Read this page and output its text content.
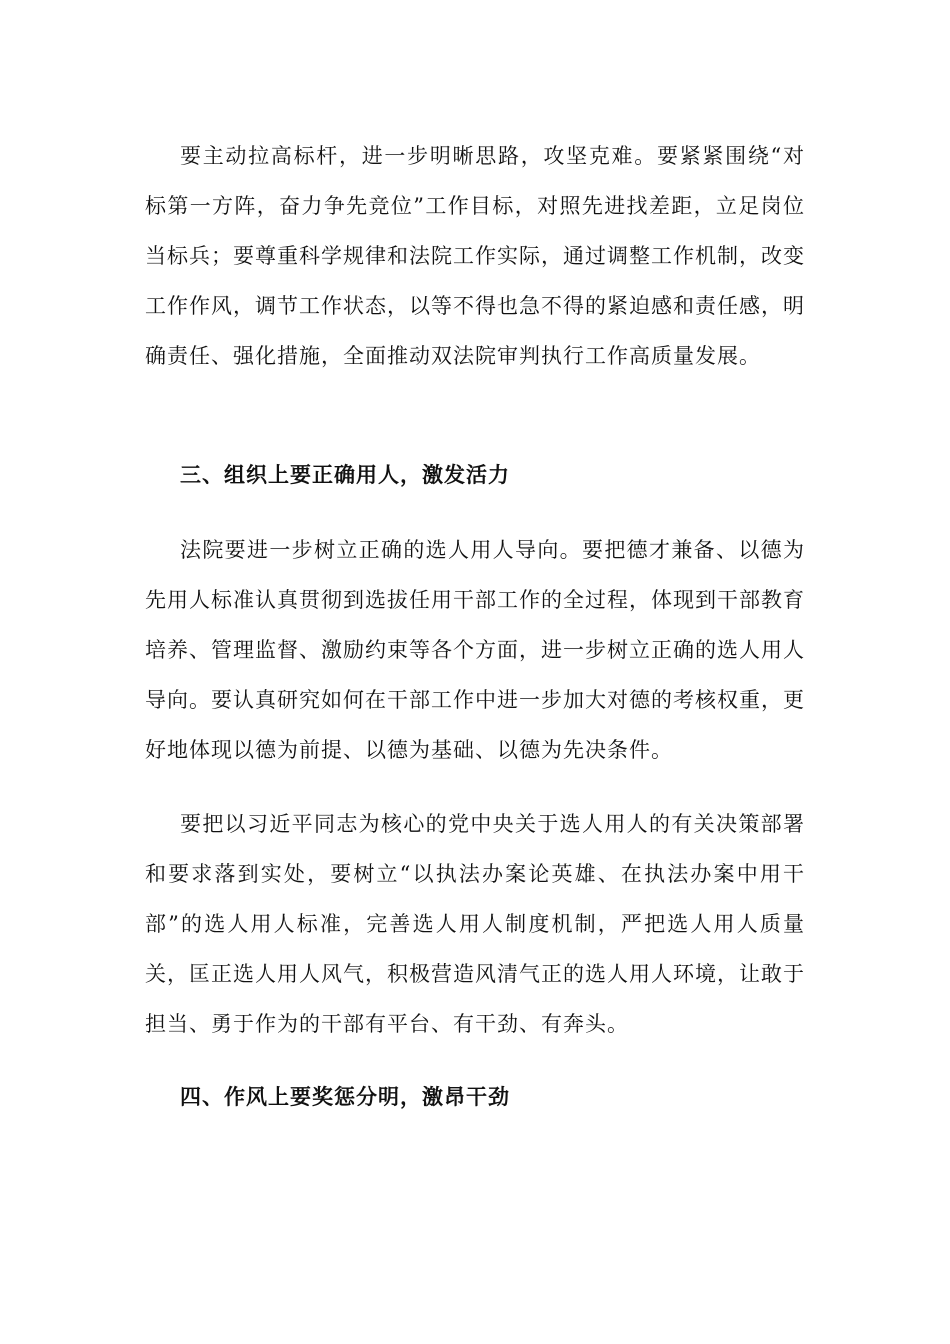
要主动拉高标杆，进一步明晰思路，攻坚克难。要紧紧围绕“对标第一方阵，奋力争先竞位”工作目标，对照先进找差距，立足岗位当标兵；要尊重科学规律和法院工作实际，通过调整工作机制，改变工作作风，调节工作状态，以等不得也急不得的紧迫感和责任感，明确责任、强化措施，全面推动双法院审判执行工作高质量发展。

三、组织上要正确用人，激发活力

法院要进一步树立正确的选人用人导向。要把德才兼备、以德为先用人标准认真贯彻到选拔任用干部工作的全过程，体现到干部教育培养、管理监督、激励约束等各个方面，进一步树立正确的选人用人导向。要认真研究如何在干部工作中进一步加大对德的考核权重，更好地体现以德为前提、以德为基础、以德为先决条件。

要把以习近平同志为核心的党中央关于选人用人的有关决策部署和要求落到实处，要树立“以执法办案论英雄、在执法办案中用干部”的选人用人标准，完善选人用人制度机制，严把选人用人质量关，匡正选人用人风气，积极营造风清气正的选人用人环境，让敢于担当、勇于作为的干部有平台、有干劲、有奔头。

四、作风上要奖惩分明，激昂干劲
